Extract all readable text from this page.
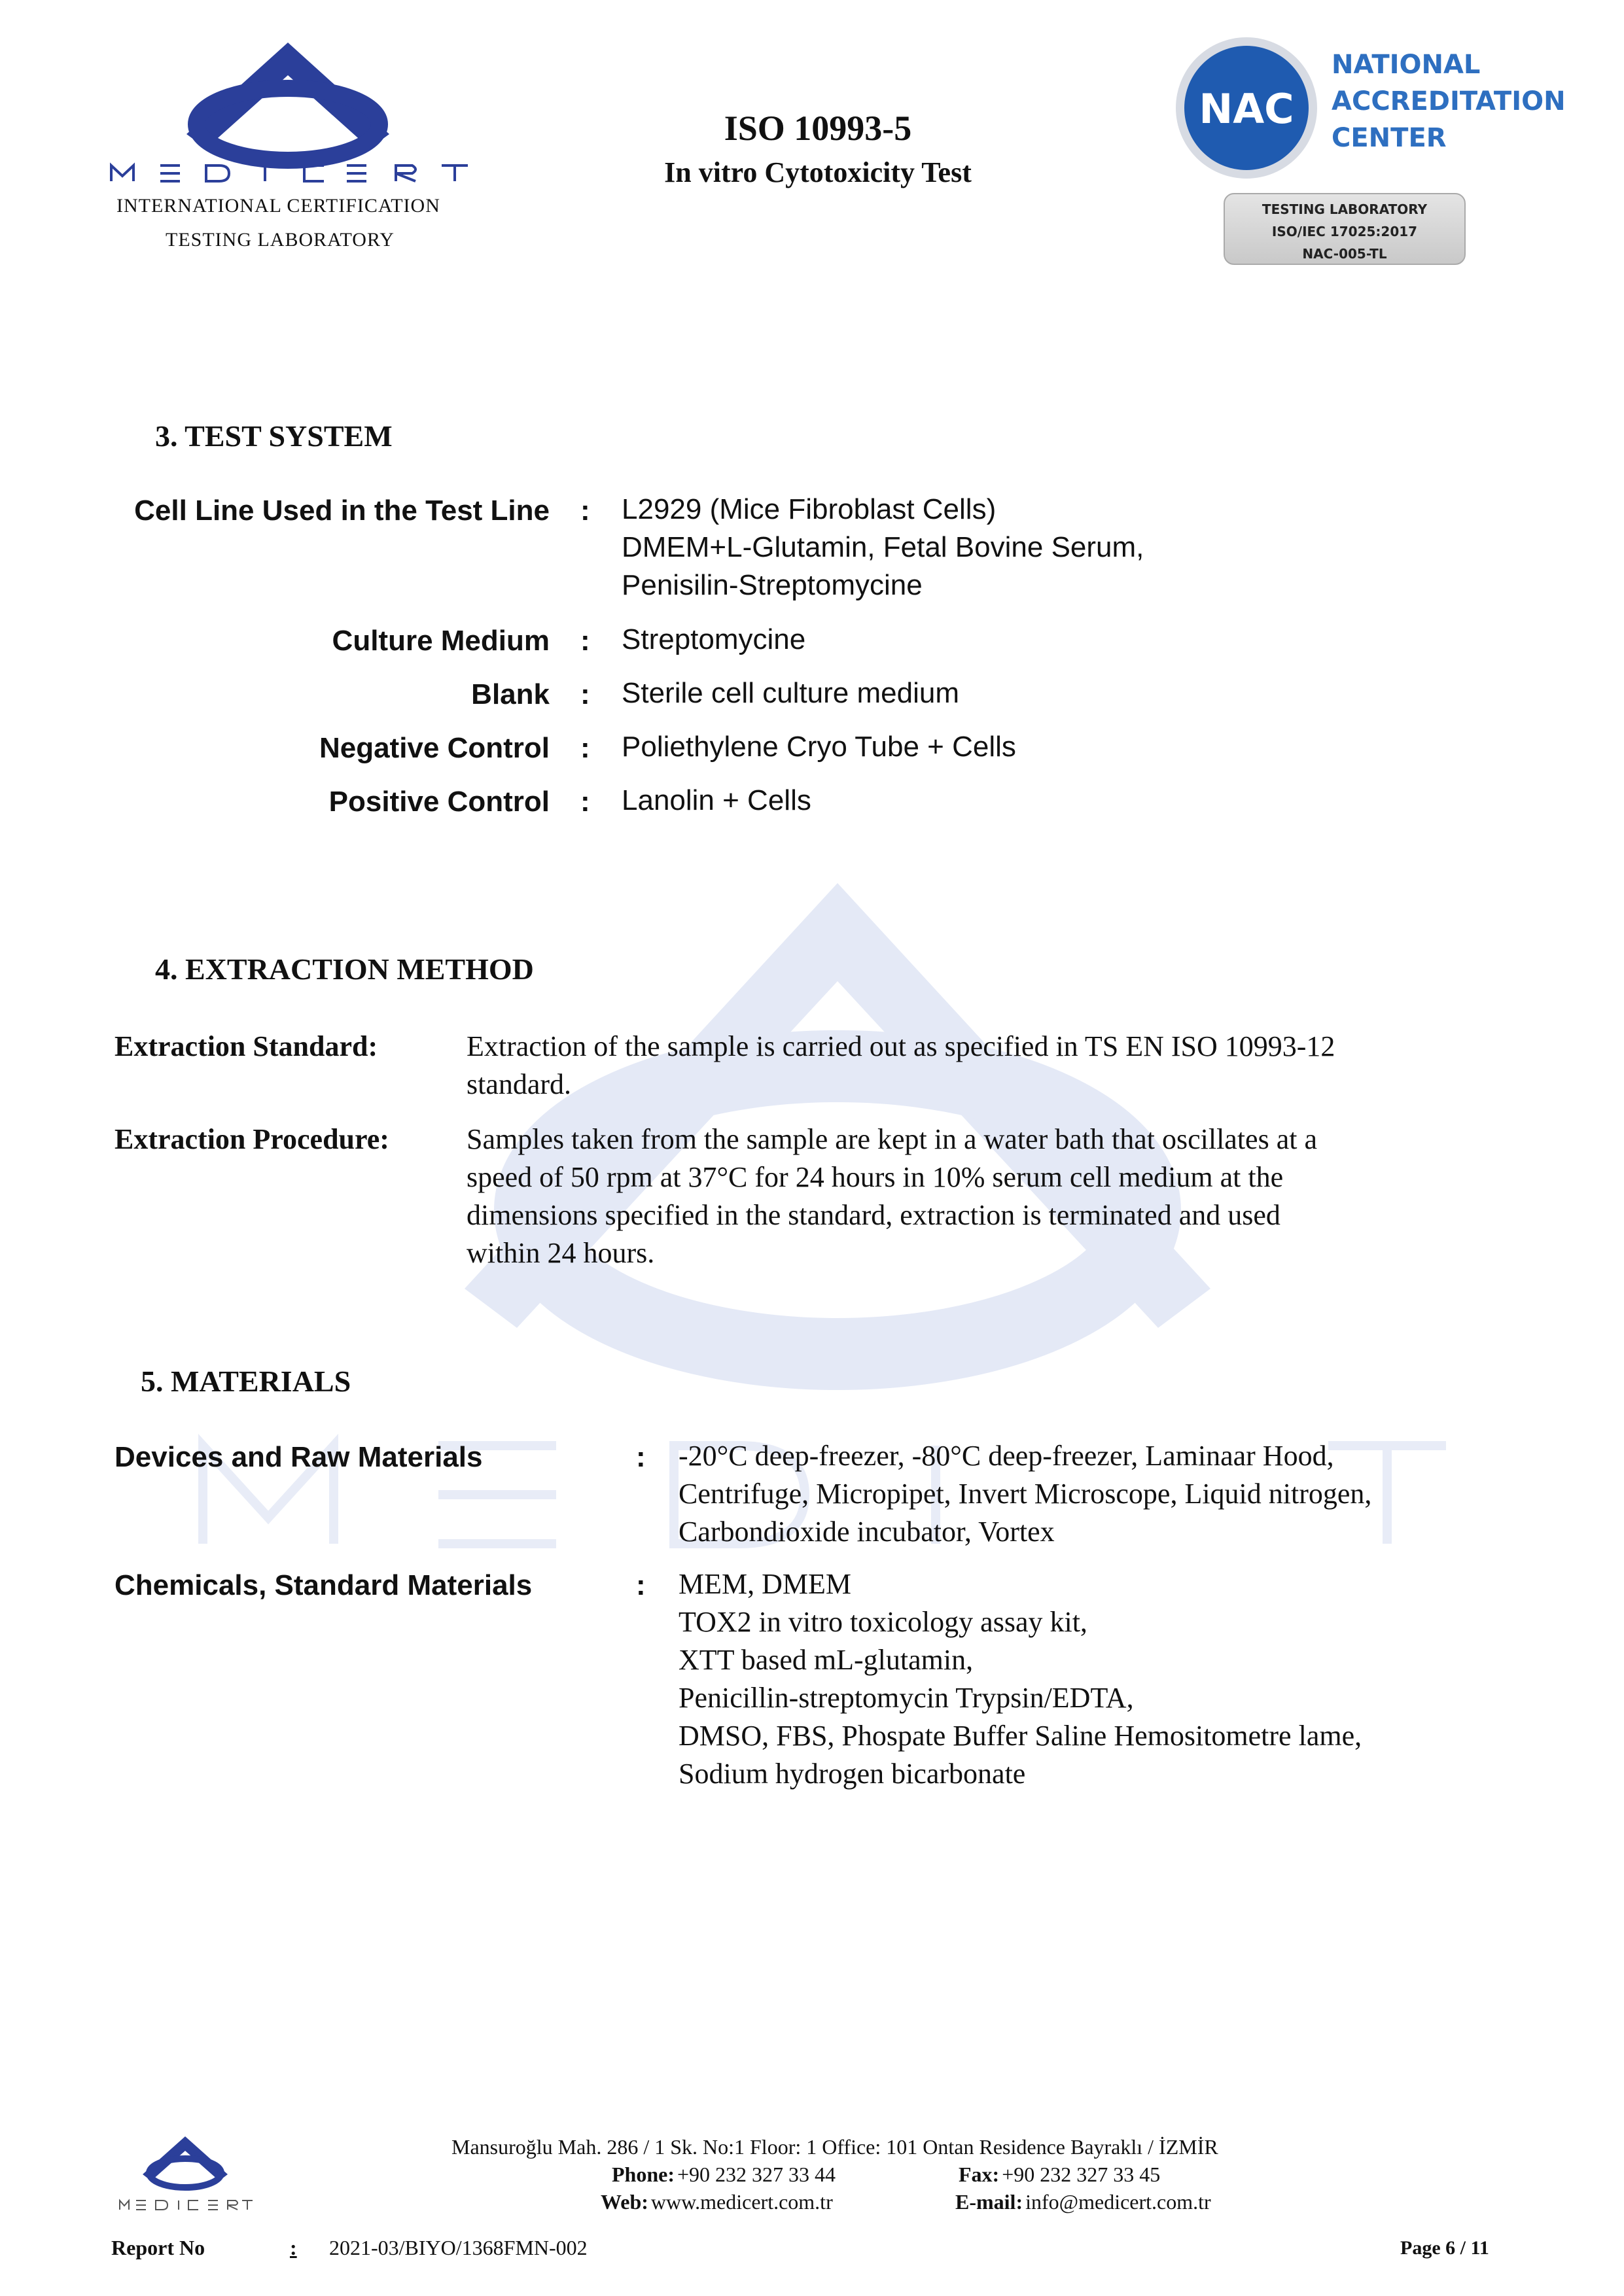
INTERNATIONAL CERTIFICATION
TESTING LABORATORY
ISO 10993-5
In vitro Cytotoxicity Test
NAC
NATIONAL
ACCREDITATION
CENTER
TESTING LABORATORY
ISO/IEC 17025:2017
NAC-005-TL
3. TEST SYSTEM
Cell Line Used in the Test Line : L2929 (Mice Fibroblast Cells)
DMEM+L-Glutamin, Fetal Bovine Serum,
Penisilin-Streptomycine
Culture Medium : Streptomycine
Blank : Sterile cell culture medium
Negative Control : Poliethylene Cryo Tube + Cells
Positive Control : Lanolin + Cells
4. EXTRACTION METHOD
Extraction Standard:	Extraction of the sample is carried out as specified in TS EN ISO 10993-12
standard.
Extraction Procedure:	Samples taken from the sample are kept in a water bath that oscillates at a
speed of 50 rpm at 37°C for 24 hours in 10% serum cell medium at the
dimensions specified in the standard, extraction is terminated and used
within 24 hours.
5. MATERIALS
Devices and Raw Materials	: -20°C deep-freezer, -80°C deep-freezer, Laminaar Hood,
Centrifuge, Micropipet, Invert Microscope, Liquid nitrogen,
Carbondioxide incubator, Vortex
Chemicals, Standard Materials	: MEM, DMEM
TOX2 in vitro toxicology assay kit,
XTT based mL-glutamin,
Penicillin-streptomycin Trypsin/EDTA,
DMSO, FBS, Phospate Buffer Saline Hemositometre lame,
Sodium hydrogen bicarbonate
Mansuroğlu Mah. 286 / 1 Sk. No:1 Floor: 1 Office: 101 Ontan Residence Bayraklı / İZMİR
Phone: +90 232 327 33 44	Fax: +90 232 327 33 45
Web: www.medicert.com.tr	E-mail: info@medicert.com.tr
Report No	: 2021-03/BIYO/1368FMN-002	Page 6 / 11
